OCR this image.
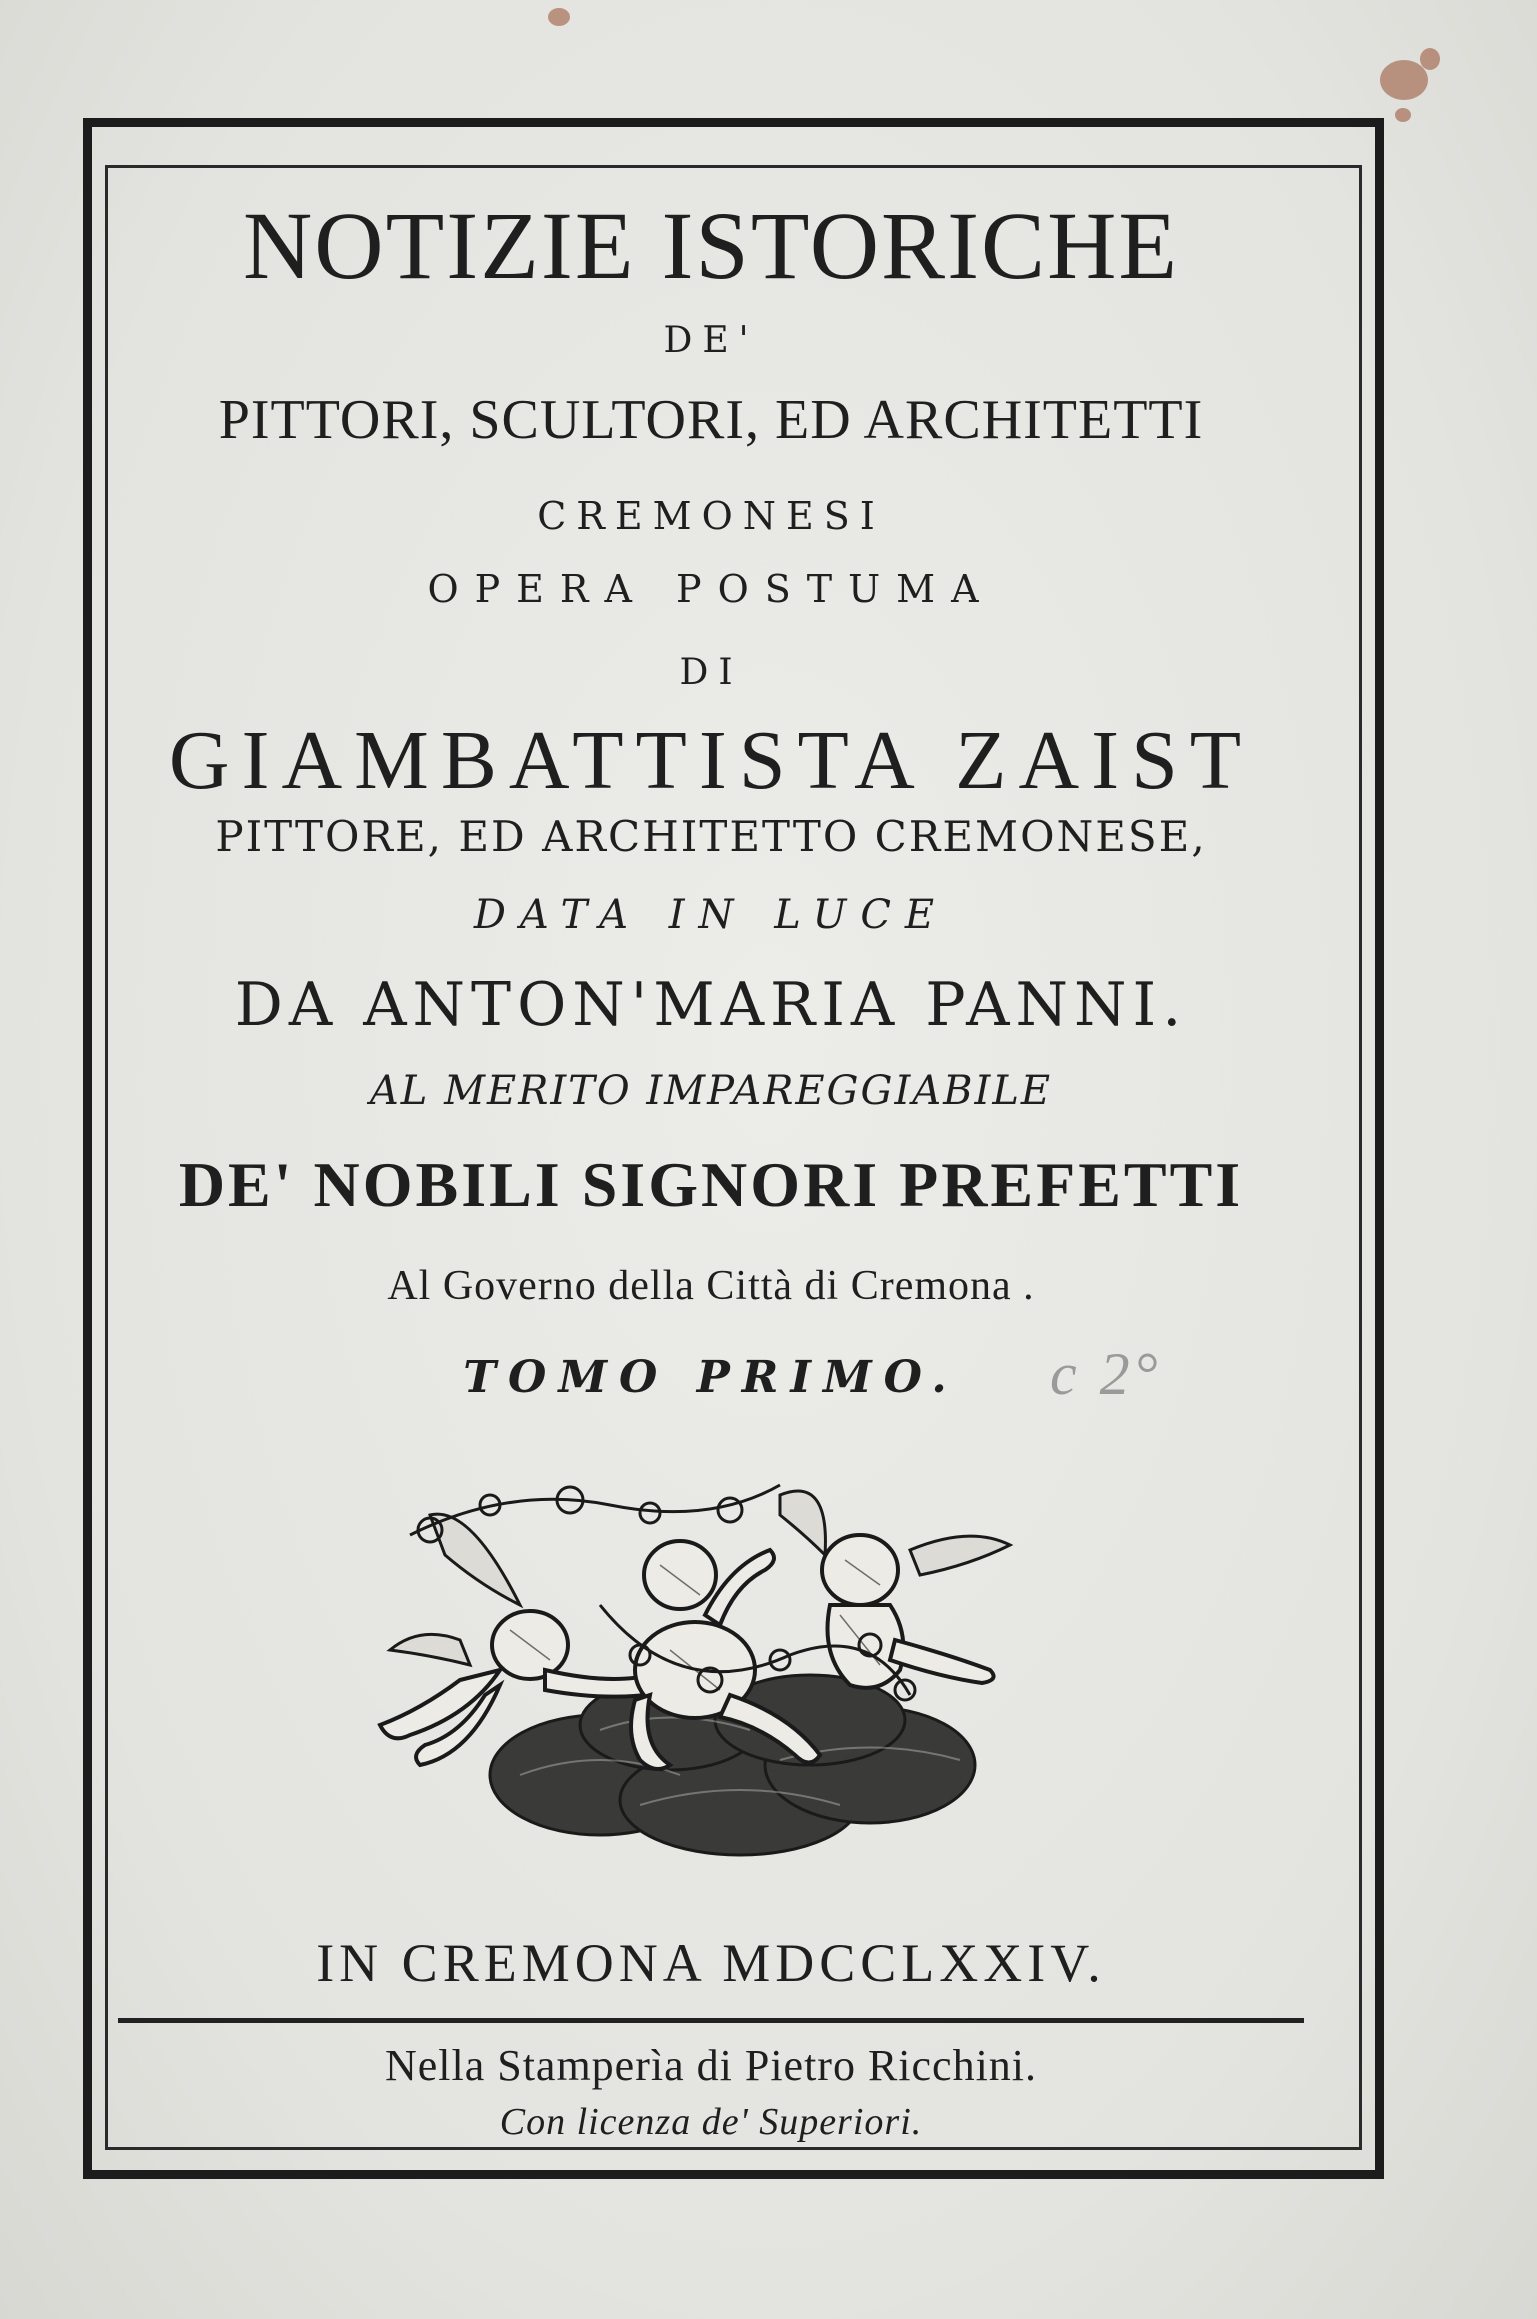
NOTIZIE ISTORICHE
DE'
PITTORI, SCULTORI, ED ARCHITETTI
CREMONESI
OPERA POSTUMA
DI
GIAMBATTISTA ZAIST
PITTORE, ED ARCHITETTO CREMONESE,
DATA IN LUCE
DA ANTON'MARIA PANNI.
AL MERITO IMPAREGGIABILE
DE' NOBILI SIGNORI PREFETTI
Al Governo della Città di Cremona .
TOMO PRIMO.	c 2°
IN CREMONA MDCCLXXIV.
Nella Stamperìa di Pietro Ricchini.
Con licenza de' Superiori.
